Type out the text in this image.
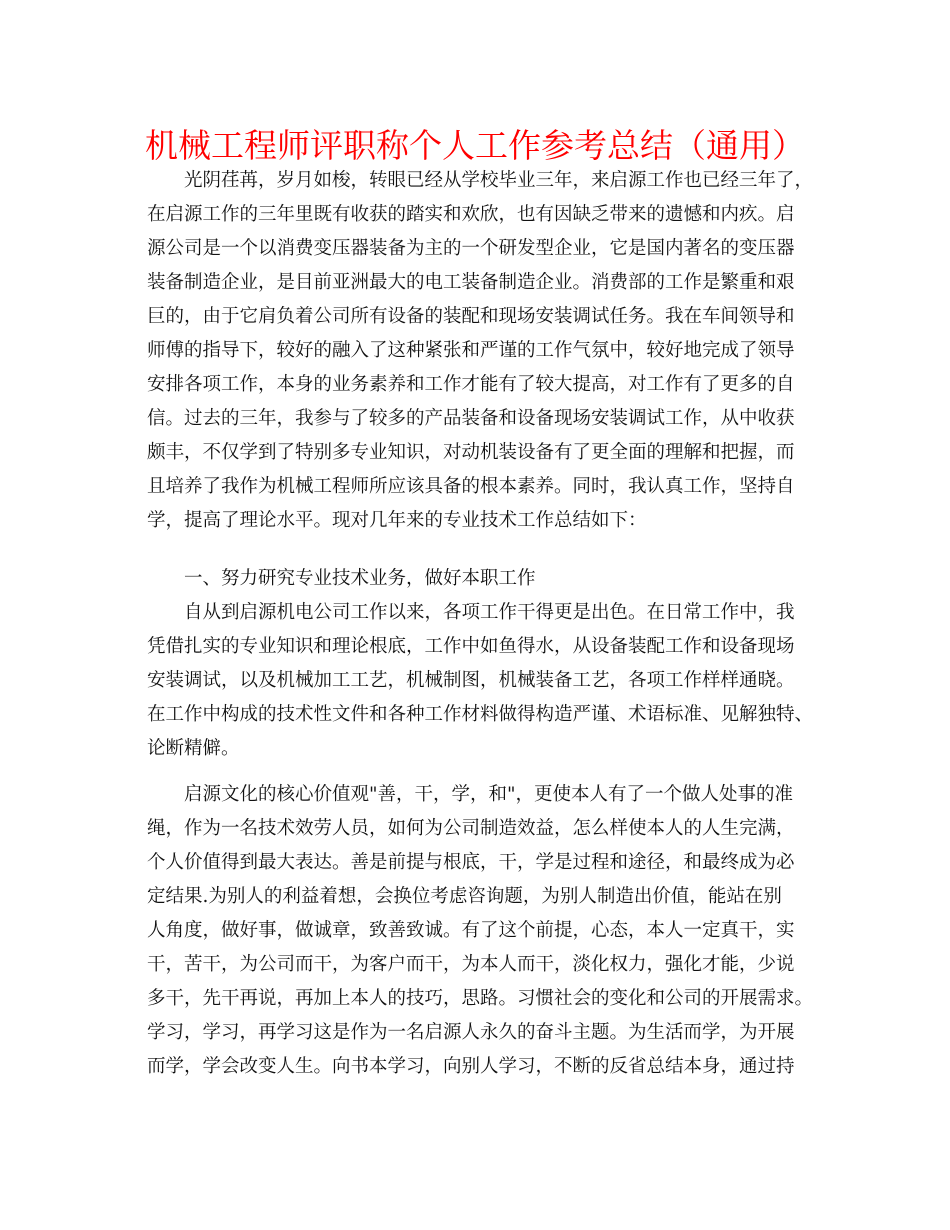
机械工程师评职称个人工作参考总结（通用）
光阴荏苒，岁月如梭，转眼已经从学校毕业三年，来启源工作也已经三年了，
在启源工作的三年里既有收获的踏实和欢欣，也有因缺乏带来的遗憾和内疚。启
源公司是一个以消费变压器装备为主的一个研发型企业，它是国内著名的变压器
装备制造企业，是目前亚洲最大的电工装备制造企业。消费部的工作是繁重和艰
巨的，由于它肩负着公司所有设备的装配和现场安装调试任务。我在车间领导和
师傅的指导下，较好的融入了这种紧张和严谨的工作气氛中，较好地完成了领导
安排各项工作，本身的业务素养和工作才能有了较大提高，对工作有了更多的自
信。过去的三年，我参与了较多的产品装备和设备现场安装调试工作，从中收获
颇丰，不仅学到了特别多专业知识，对动机装设备有了更全面的理解和把握，而
且培养了我作为机械工程师所应该具备的根本素养。同时，我认真工作，坚持自
学，提高了理论水平。现对几年来的专业技术工作总结如下：
一、努力研究专业技术业务，做好本职工作
自从到启源机电公司工作以来，各项工作干得更是出色。在日常工作中，我
凭借扎实的专业知识和理论根底，工作中如鱼得水，从设备装配工作和设备现场
安装调试，以及机械加工工艺，机械制图，机械装备工艺，各项工作样样通晓。
在工作中构成的技术性文件和各种工作材料做得构造严谨、术语标准、见解独特、
论断精僻。
启源文化的核心价值观"善，干，学，和"，更使本人有了一个做人处事的准
绳，作为一名技术效劳人员，如何为公司制造效益，怎么样使本人的人生完满，
个人价值得到最大表达。善是前提与根底，干，学是过程和途径，和最终成为必
定结果.为别人的利益着想，会换位考虑咨询题，为别人制造出价值，能站在别
人角度，做好事，做诚章，致善致诚。有了这个前提，心态，本人一定真干，实
干，苦干，为公司而干，为客户而干，为本人而干，淡化权力，强化才能，少说
多干，先干再说，再加上本人的技巧，思路。习惯社会的变化和公司的开展需求。
学习，学习，再学习这是作为一名启源人永久的奋斗主题。为生活而学，为开展
而学，学会改变人生。向书本学习，向别人学习，不断的反省总结本身，通过持
